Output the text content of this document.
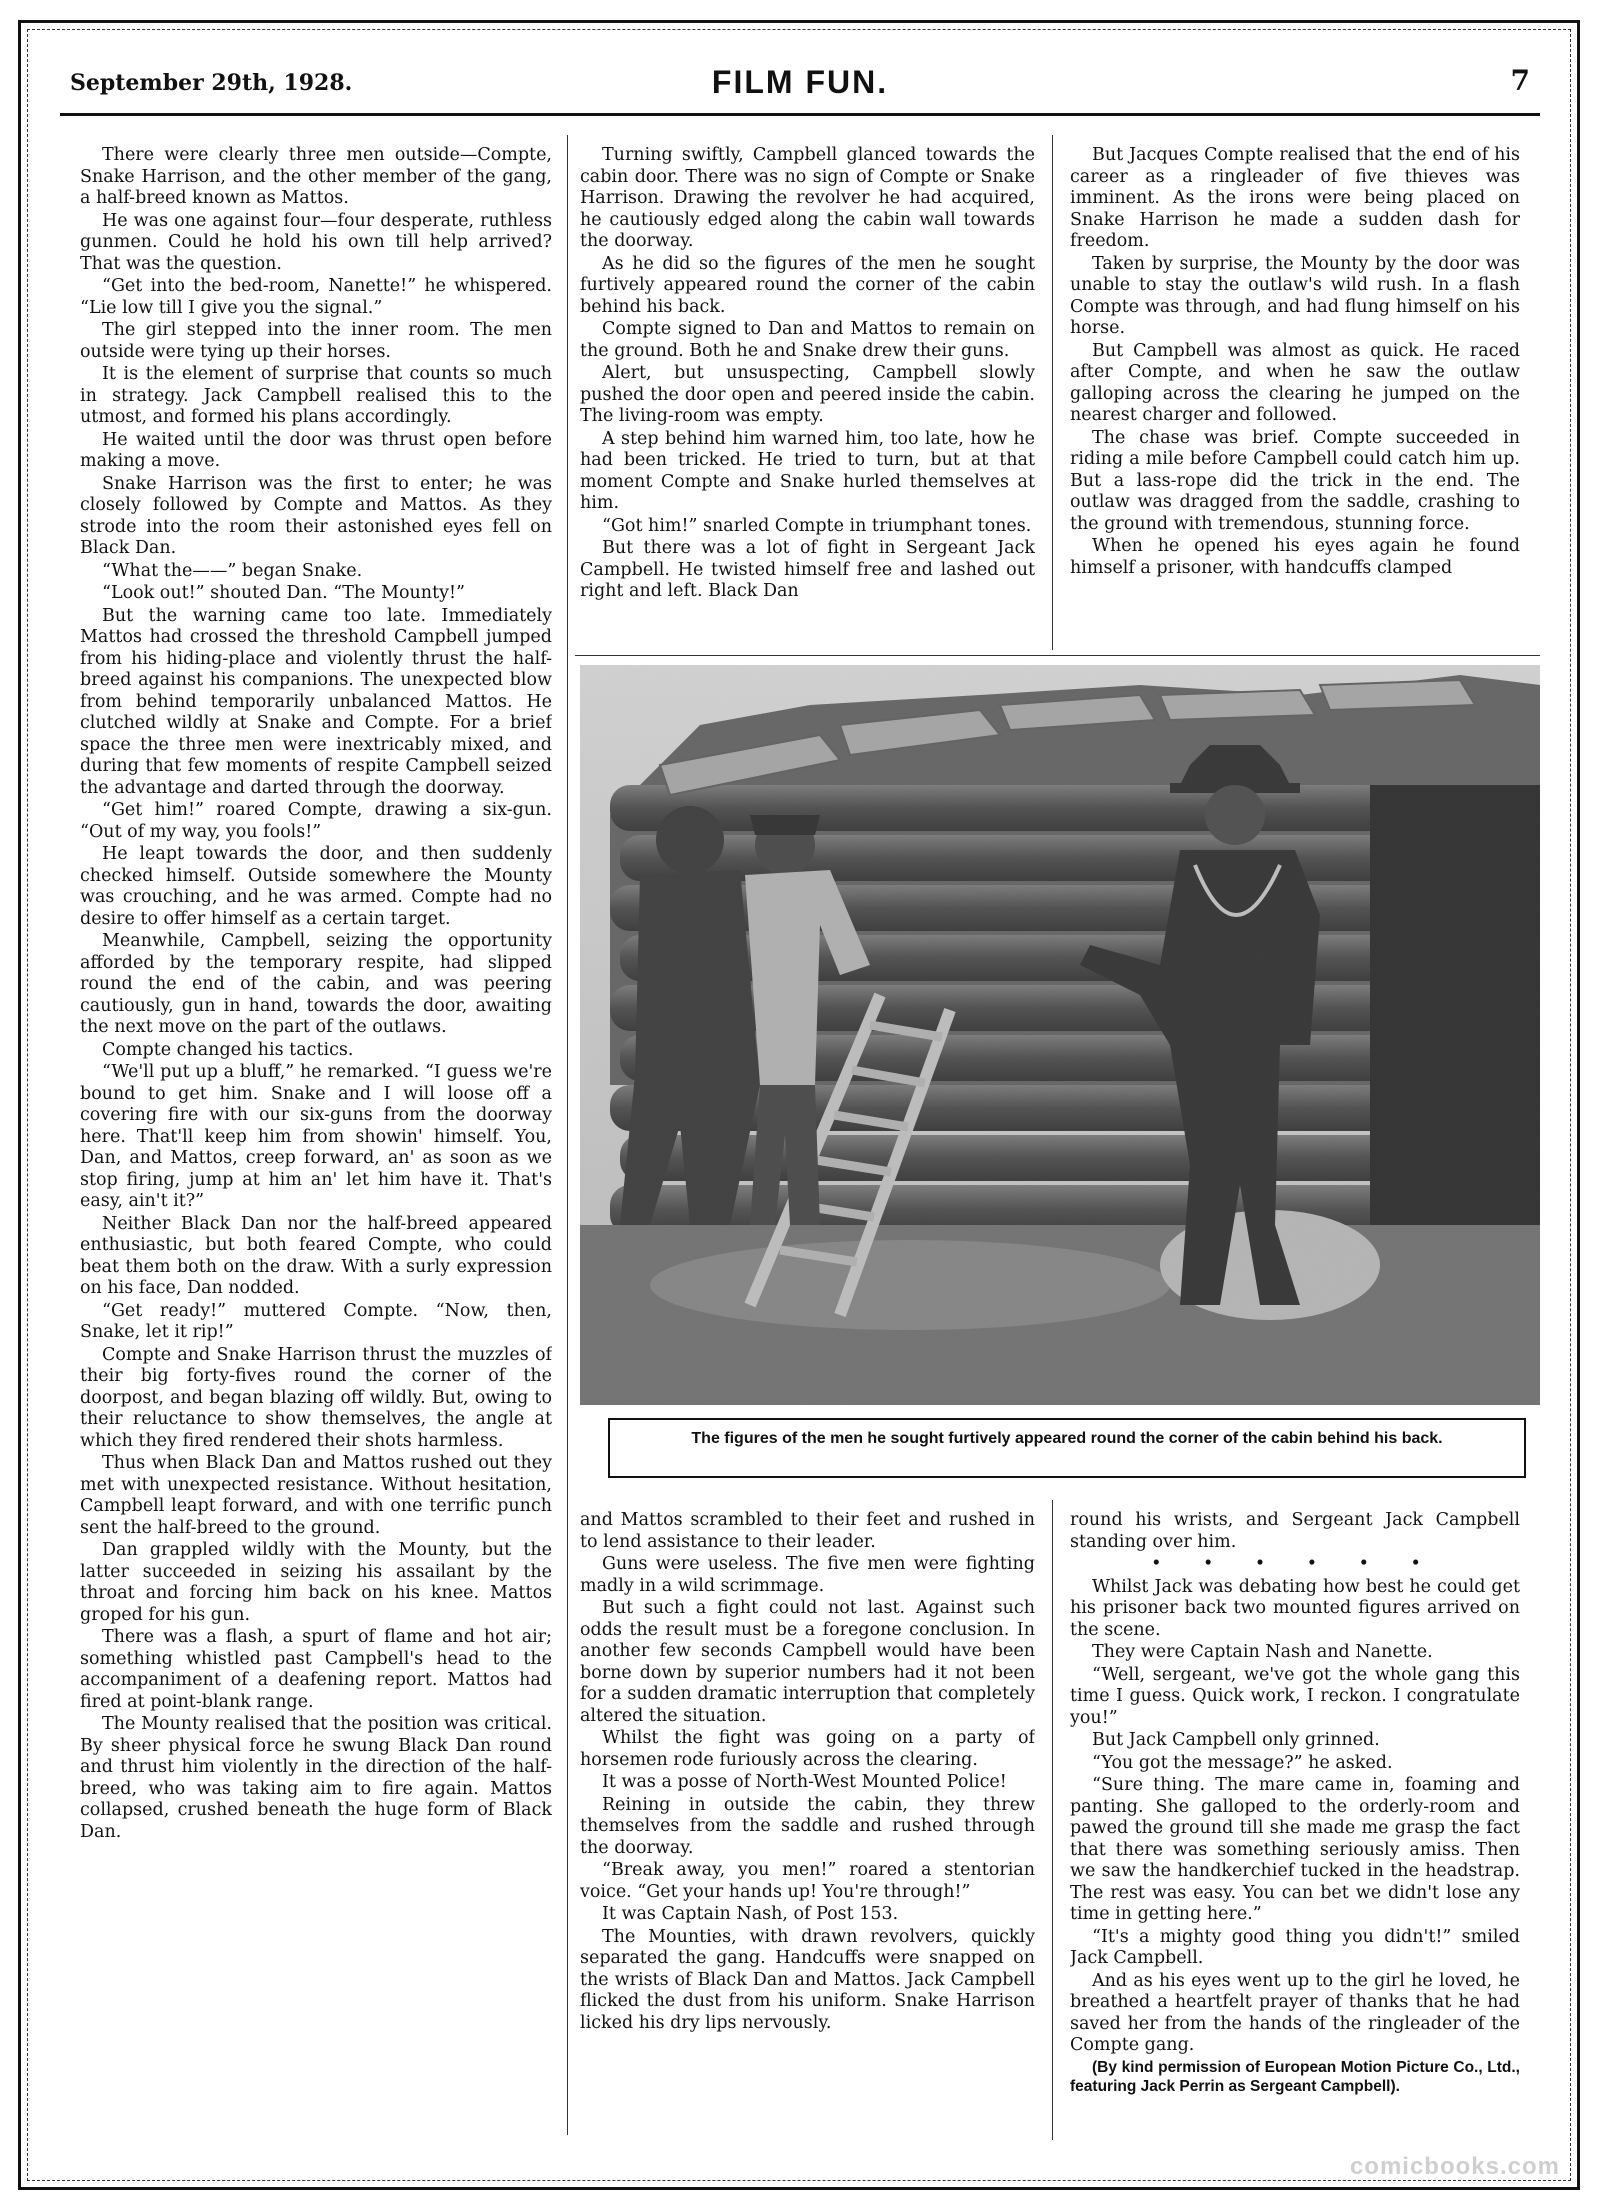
September 29th, 1928.	FILM FUN.	7

There were clearly three men outside—Compte, Snake Harrison, and the other member of the gang, a half-breed known as Mattos.

He was one against four—four desperate, ruthless gunmen. Could he hold his own till help arrived? That was the question.

“Get into the bed-room, Nanette!” he whispered. “Lie low till I give you the signal.”

The girl stepped into the inner room. The men outside were tying up their horses.

It is the element of surprise that counts so much in strategy. Jack Campbell realised this to the utmost, and formed his plans accordingly.

He waited until the door was thrust open before making a move.

Snake Harrison was the first to enter; he was closely followed by Compte and Mattos. As they strode into the room their astonished eyes fell on Black Dan.

“What the——” began Snake.

“Look out!” shouted Dan. “The Mounty!”

But the warning came too late. Immediately Mattos had crossed the threshold Campbell jumped from his hiding-place and violently thrust the half-breed against his companions. The unexpected blow from behind temporarily unbalanced Mattos. He clutched wildly at Snake and Compte. For a brief space the three men were inextricably mixed, and during that few moments of respite Campbell seized the advantage and darted through the doorway.

“Get him!” roared Compte, drawing a six-gun. “Out of my way, you fools!”

He leapt towards the door, and then suddenly checked himself. Outside somewhere the Mounty was crouching, and he was armed. Compte had no desire to offer himself as a certain target.

Meanwhile, Campbell, seizing the opportunity afforded by the temporary respite, had slipped round the end of the cabin, and was peering cautiously, gun in hand, towards the door, awaiting the next move on the part of the outlaws.

Compte changed his tactics.

“We'll put up a bluff,” he remarked. “I guess we're bound to get him. Snake and I will loose off a covering fire with our six-guns from the doorway here. That'll keep him from showin' himself. You, Dan, and Mattos, creep forward, an' as soon as we stop firing, jump at him an' let him have it. That's easy, ain't it?”

Neither Black Dan nor the half-breed appeared enthusiastic, but both feared Compte, who could beat them both on the draw. With a surly expression on his face, Dan nodded.

“Get ready!” muttered Compte. “Now, then, Snake, let it rip!”

Compte and Snake Harrison thrust the muzzles of their big forty-fives round the corner of the doorpost, and began blazing off wildly. But, owing to their reluctance to show themselves, the angle at which they fired rendered their shots harmless.

Thus when Black Dan and Mattos rushed out they met with unexpected resistance. Without hesitation, Campbell leapt forward, and with one terrific punch sent the half-breed to the ground.

Dan grappled wildly with the Mounty, but the latter succeeded in seizing his assailant by the throat and forcing him back on his knee. Mattos groped for his gun.

There was a flash, a spurt of flame and hot air; something whistled past Campbell's head to the accompaniment of a deafening report. Mattos had fired at point-blank range.

The Mounty realised that the position was critical. By sheer physical force he swung Black Dan round and thrust him violently in the direction of the half-breed, who was taking aim to fire again. Mattos collapsed, crushed beneath the huge form of Black Dan.

Turning swiftly, Campbell glanced towards the cabin door. There was no sign of Compte or Snake Harrison. Drawing the revolver he had acquired, he cautiously edged along the cabin wall towards the doorway.

As he did so the figures of the men he sought furtively appeared round the corner of the cabin behind his back.

Compte signed to Dan and Mattos to remain on the ground. Both he and Snake drew their guns.

Alert, but unsuspecting, Campbell slowly pushed the door open and peered inside the cabin. The living-room was empty.

A step behind him warned him, too late, how he had been tricked. He tried to turn, but at that moment Compte and Snake hurled themselves at him.

“Got him!” snarled Compte in triumphant tones.

But there was a lot of fight in Sergeant Jack Campbell. He twisted himself free and lashed out right and left. Black Dan

But Jacques Compte realised that the end of his career as a ringleader of five thieves was imminent. As the irons were being placed on Snake Harrison he made a sudden dash for freedom.

Taken by surprise, the Mounty by the door was unable to stay the outlaw's wild rush. In a flash Compte was through, and had flung himself on his horse.

But Campbell was almost as quick. He raced after Compte, and when he saw the outlaw galloping across the clearing he jumped on the nearest charger and followed.

The chase was brief. Compte succeeded in riding a mile before Campbell could catch him up. But a lass-rope did the trick in the end. The outlaw was dragged from the saddle, crashing to the ground with tremendous, stunning force.

When he opened his eyes again he found himself a prisoner, with handcuffs clamped

The figures of the men he sought furtively appeared round the corner of the cabin behind his back.

and Mattos scrambled to their feet and rushed in to lend assistance to their leader.

Guns were useless. The five men were fighting madly in a wild scrimmage.

But such a fight could not last. Against such odds the result must be a foregone conclusion. In another few seconds Campbell would have been borne down by superior numbers had it not been for a sudden dramatic interruption that completely altered the situation.

Whilst the fight was going on a party of horsemen rode furiously across the clearing.

It was a posse of North-West Mounted Police!

Reining in outside the cabin, they threw themselves from the saddle and rushed through the doorway.

“Break away, you men!” roared a stentorian voice. “Get your hands up! You're through!”

It was Captain Nash, of Post 153.

The Mounties, with drawn revolvers, quickly separated the gang. Handcuffs were snapped on the wrists of Black Dan and Mattos. Jack Campbell flicked the dust from his uniform. Snake Harrison licked his dry lips nervously.

round his wrists, and Sergeant Jack Campbell standing over him.

• • • • • •

Whilst Jack was debating how best he could get his prisoner back two mounted figures arrived on the scene.

They were Captain Nash and Nanette.

“Well, sergeant, we've got the whole gang this time I guess. Quick work, I reckon. I congratulate you!”

But Jack Campbell only grinned.

“You got the message?” he asked.

“Sure thing. The mare came in, foaming and panting. She galloped to the orderly-room and pawed the ground till she made me grasp the fact that there was something seriously amiss. Then we saw the handkerchief tucked in the headstrap. The rest was easy. You can bet we didn't lose any time in getting here.”

“It's a mighty good thing you didn't!” smiled Jack Campbell.

And as his eyes went up to the girl he loved, he breathed a heartfelt prayer of thanks that he had saved her from the hands of the ringleader of the Compte gang.

(By kind permission of European Motion Picture Co., Ltd., featuring Jack Perrin as Sergeant Campbell).

comicbooks.com
